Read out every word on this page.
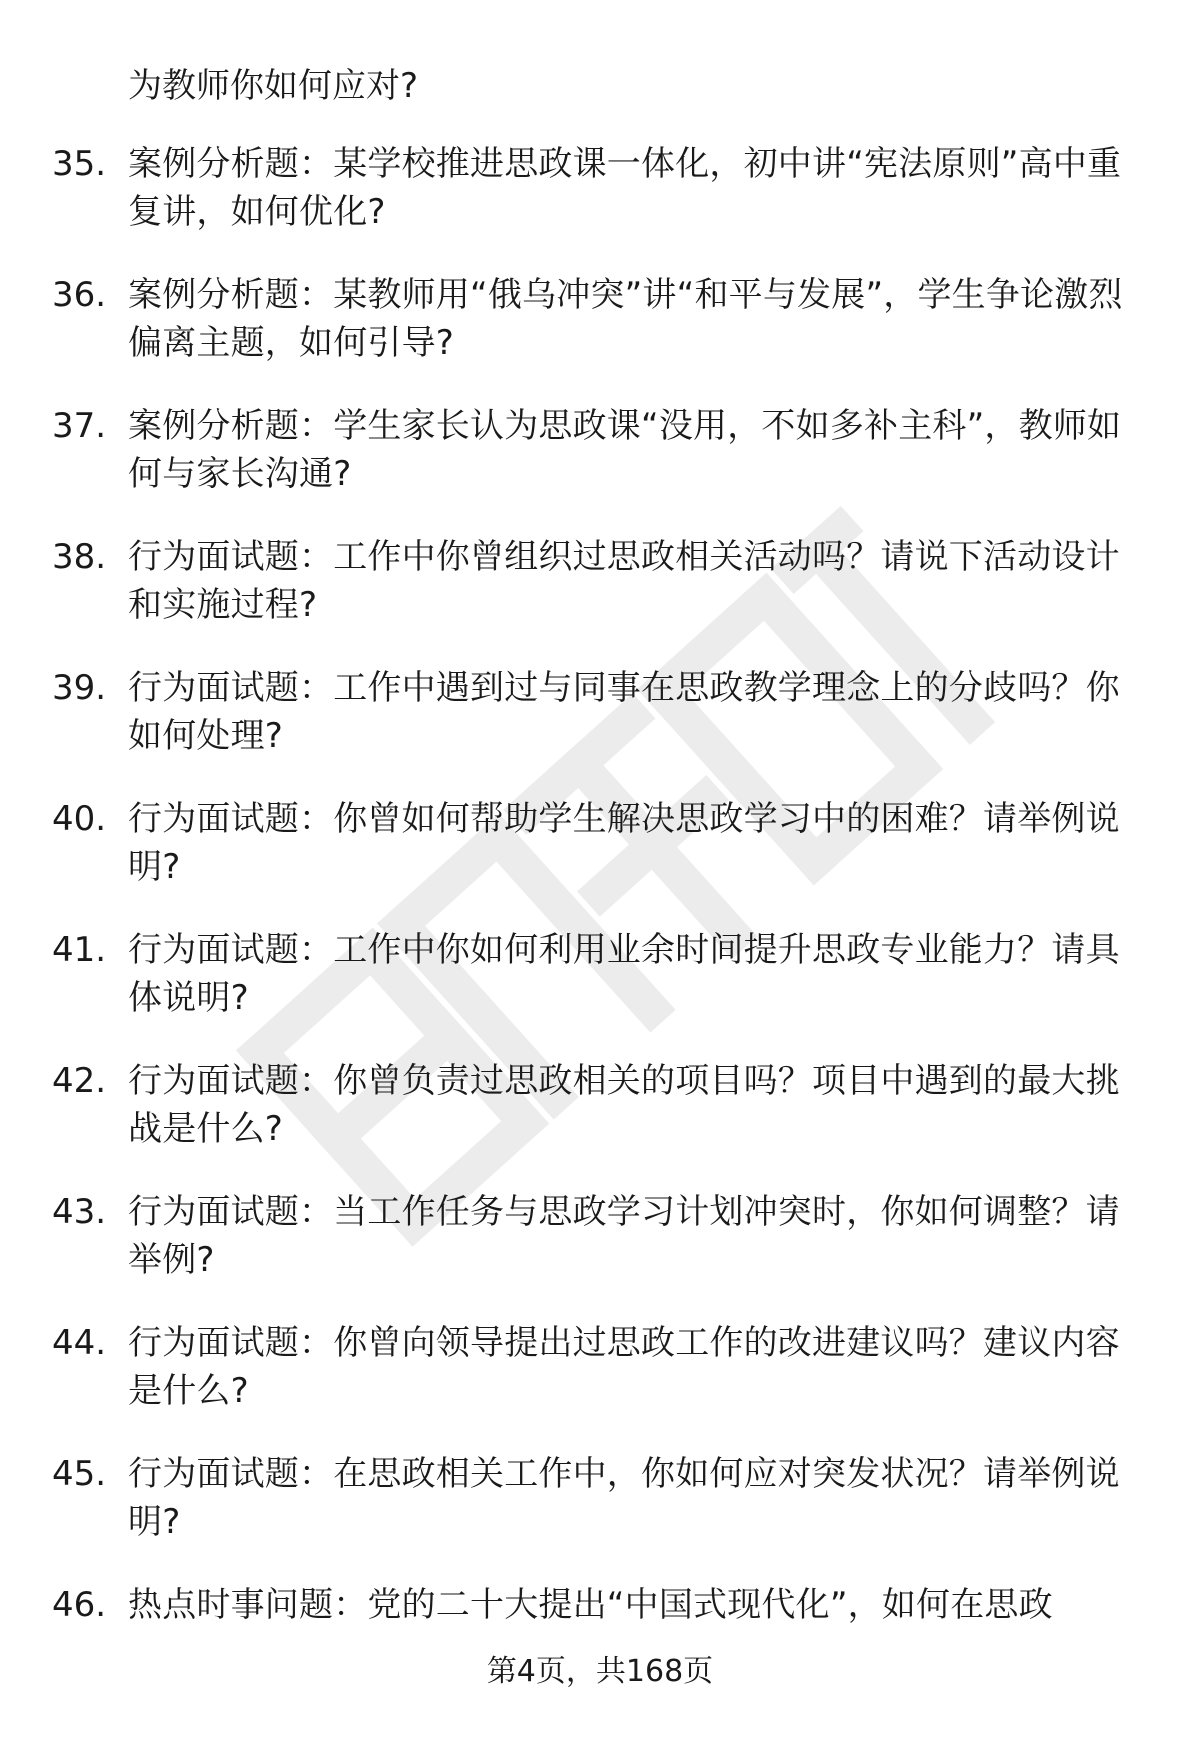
为教师你如何应对?
35. 案例分析题：某学校推进思政课一体化，初中讲“宪法原则”高中重复讲，如何优化?
36. 案例分析题：某教师用“俄乌冲突”讲“和平与发展”，学生争论激烈偏离主题，如何引导?
37. 案例分析题：学生家长认为思政课“没用，不如多补主科”，教师如何与家长沟通?
38. 行为面试题：工作中你曾组织过思政相关活动吗？请说下活动设计和实施过程?
39. 行为面试题：工作中遇到过与同事在思政教学理念上的分歧吗？你如何处理?
40. 行为面试题：你曾如何帮助学生解决思政学习中的困难？请举例说明?
41. 行为面试题：工作中你如何利用业余时间提升思政专业能力？请具体说明?
42. 行为面试题：你曾负责过思政相关的项目吗？项目中遇到的最大挑战是什么?
43. 行为面试题：当工作任务与思政学习计划冲突时，你如何调整？请举例?
44. 行为面试题：你曾向领导提出过思政工作的改进建议吗？建议内容是什么?
45. 行为面试题：在思政相关工作中，你如何应对突发状况？请举例说明?
46. 热点时事问题：党的二十大提出“中国式现代化”，如何在思政
第4页，共168页
